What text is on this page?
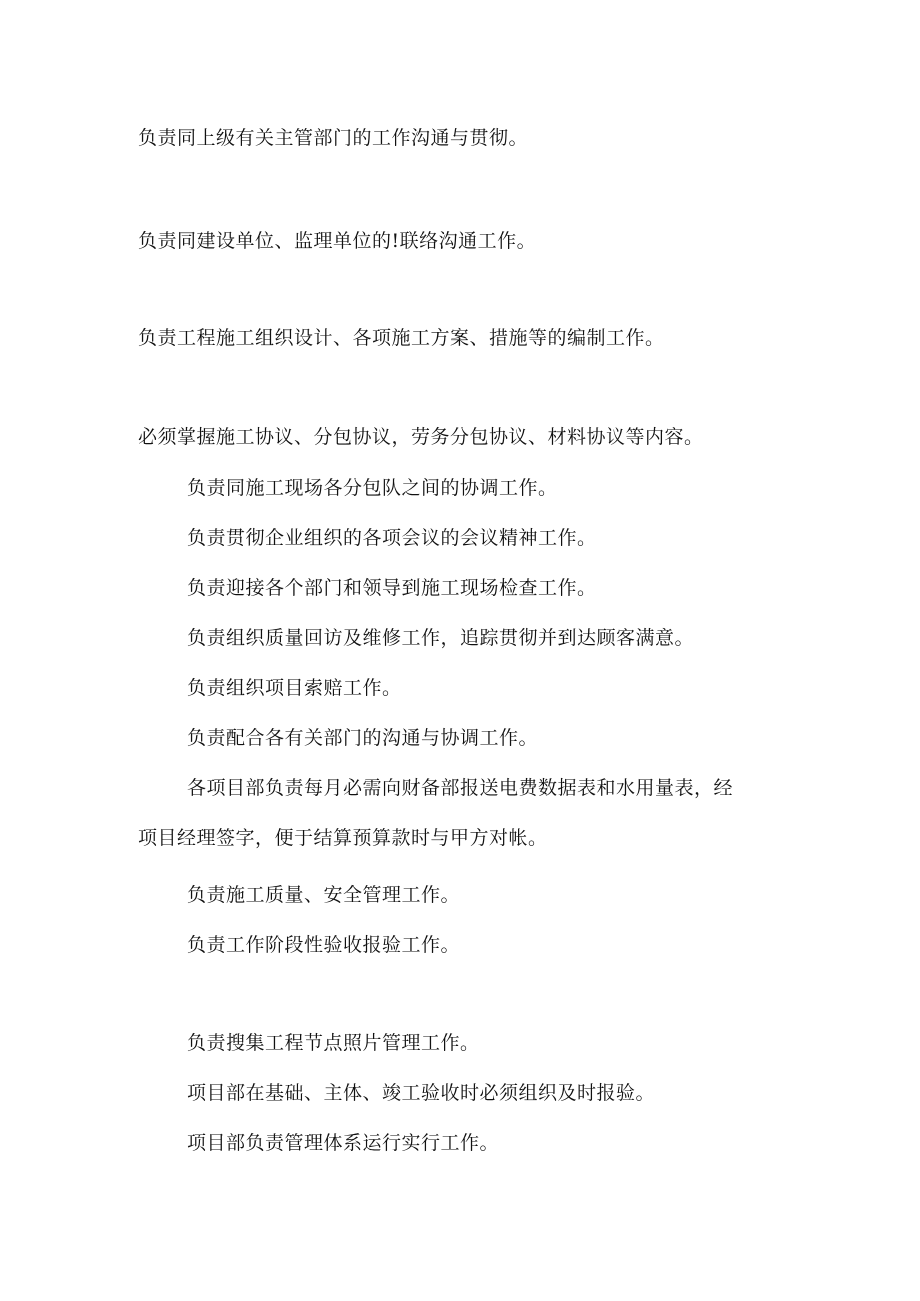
负责同上级有关主管部门的工作沟通与贯彻。
负责同建设单位、监理单位的!联络沟通工作。
负责工程施工组织设计、各项施工方案、措施等的编制工作。
必须掌握施工协议、分包协议，劳务分包协议、材料协议等内容。
负责同施工现场各分包队之间的协调工作。
负责贯彻企业组织的各项会议的会议精神工作。
负责迎接各个部门和领导到施工现场检查工作。
负责组织质量回访及维修工作，追踪贯彻并到达顾客满意。
负责组织项目索赔工作。
负责配合各有关部门的沟通与协调工作。
各项目部负责每月必需向财备部报送电费数据表和水用量表，经
项目经理签字，便于结算预算款时与甲方对帐。
负责施工质量、安全管理工作。
负责工作阶段性验收报验工作。
负责搜集工程节点照片管理工作。
项目部在基础、主体、竣工验收时必须组织及时报验。
项目部负责管理体系运行实行工作。
